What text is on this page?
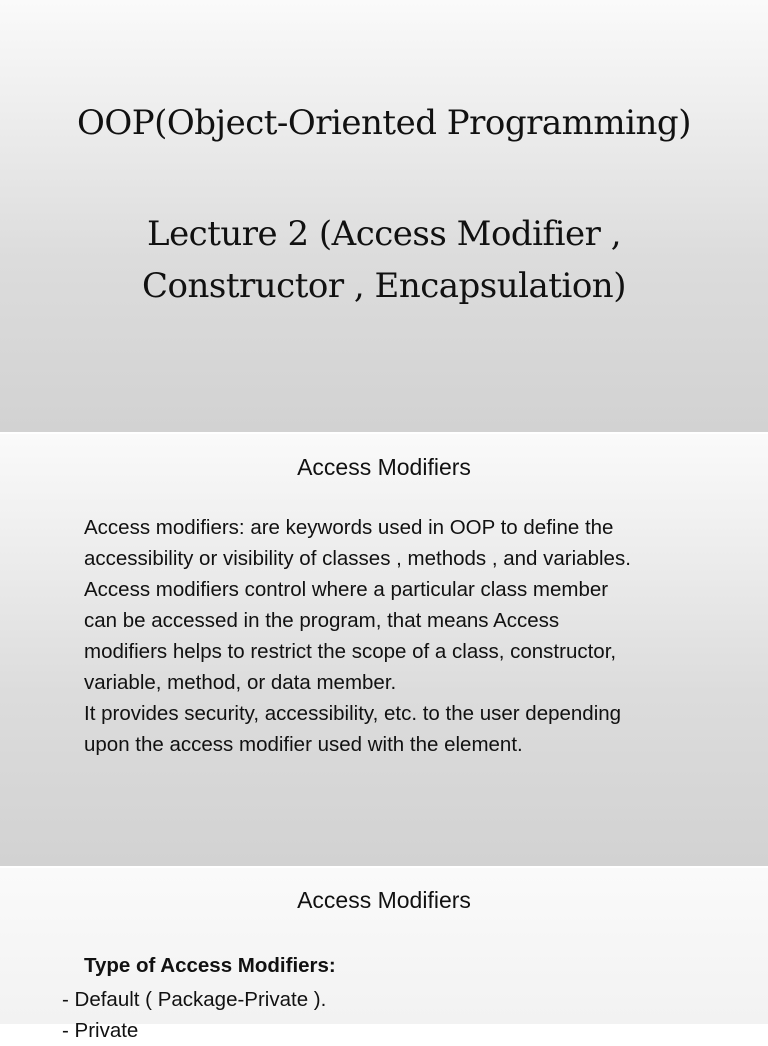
OOP(Object-Oriented Programming)
Lecture 2 (Access Modifier ,
Constructor , Encapsulation)
Access Modifiers
Access modifiers: are keywords used in OOP to define the
accessibility or visibility of classes , methods , and variables.
Access modifiers control where a particular class member
can be accessed in the program, that means Access
modifiers helps to restrict the scope of a class, constructor,
variable, method, or data member.
It provides security, accessibility, etc. to the user depending
upon the access modifier used with the element.
Access Modifiers

Type of Access Modifiers:

- Default ( Package-Private ).
- Private
